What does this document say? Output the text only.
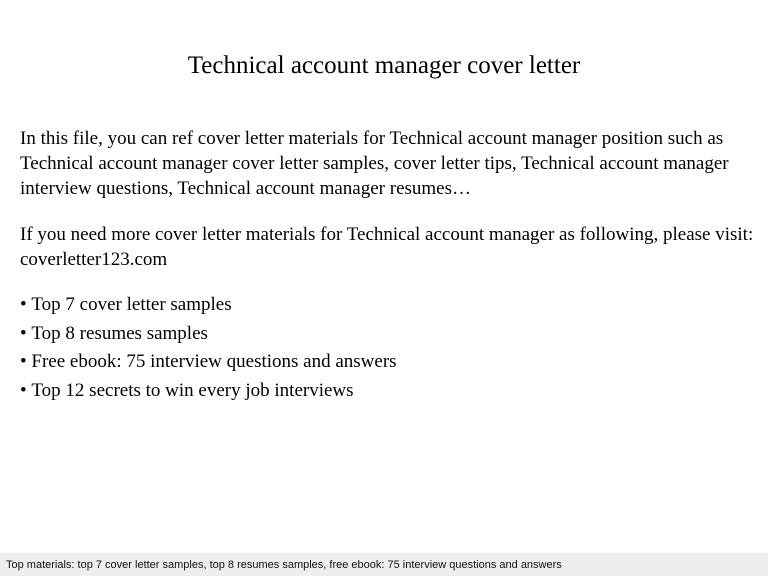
Technical account manager cover letter
In this file, you can ref cover letter materials for Technical account manager position such as Technical account manager cover letter samples, cover letter tips, Technical account manager interview questions, Technical account manager resumes…
If you need more cover letter materials for Technical account manager as following, please visit: coverletter123.com
• Top 7 cover letter samples
• Top 8 resumes samples
• Free ebook: 75 interview questions and answers
• Top 12 secrets to win every job interviews
Top materials: top 7 cover letter samples, top 8 resumes samples, free ebook: 75 interview questions and answers
